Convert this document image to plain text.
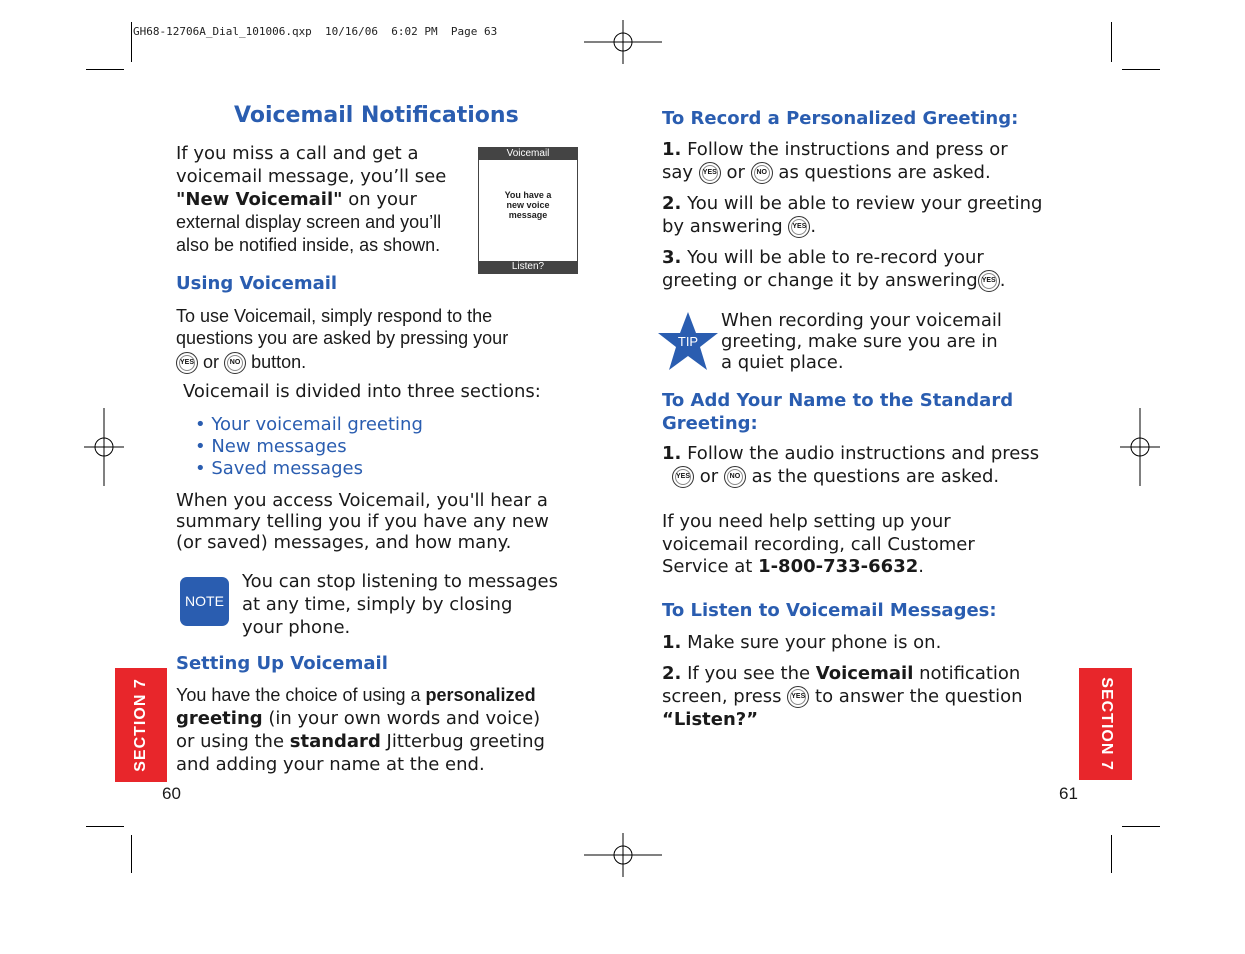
GH68-12706A_Dial_101006.qxp  10/16/06  6:02 PM  Page 63
Voicemail Notifications
If you miss a call and get a
voicemail message, you’ll see
"New Voicemail" on your
external display screen and you’ll
also be notified inside, as shown.
Voicemail
You have a
new voice
message
Listen?
Using Voicemail
To use Voicemail, simply respond to the
questions you are asked by pressing your
YES or NO button.
Voicemail is divided into three sections:
• Your voicemail greeting
• New messages
• Saved messages
When you access Voicemail, you'll hear a
summary telling you if you have any new
(or saved) messages, and how many.
NOTE
You can stop listening to messages
at any time, simply by closing
your phone.
Setting Up Voicemail
You have the choice of using a personalized
greeting (in your own words and voice)
or using the standard Jitterbug greeting
and adding your name at the end.
SECTION 7
60
To Record a Personalized Greeting:
1. Follow the instructions and press or
say YES or NO as questions are asked.
2. You will be able to review your greeting
by answering YES .
3. You will be able to re-record your
greeting or change it by answering YES .
TIP
When recording your voicemail
greeting, make sure you are in
a quiet place.
To Add Your Name to the Standard
Greeting:
1. Follow the audio instructions and press
YES or NO as the questions are asked.
If you need help setting up your
voicemail recording, call Customer
Service at 1-800-733-6632.
To Listen to Voicemail Messages:
1. Make sure your phone is on.
2. If you see the Voicemail notification
screen, press YES to answer the question
“Listen?”	SECTION 7
61
